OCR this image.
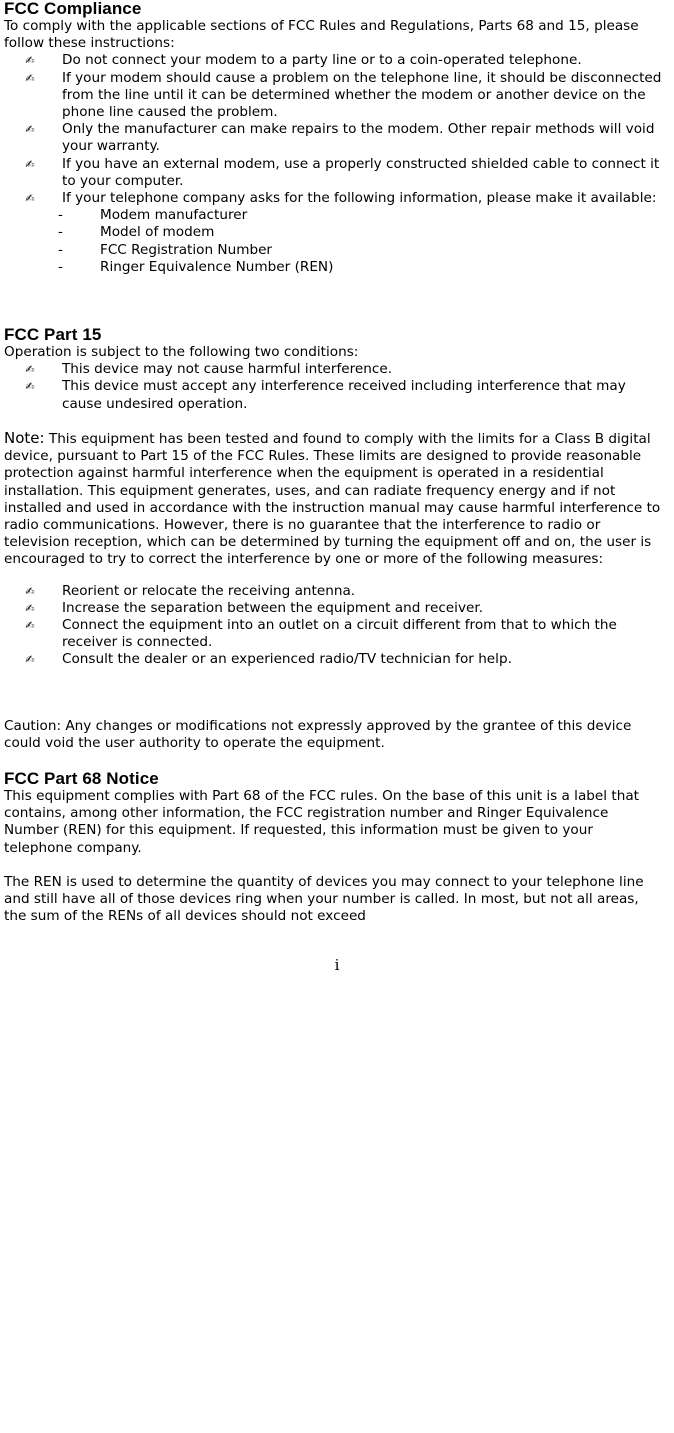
FCC Compliance

To comply with the applicable sections of FCC Rules and Regulations, Parts 68 and 15, please follow these instructions:

✍ Do not connect your modem to a party line or to a coin-operated telephone.
✍ If your modem should cause a problem on the telephone line, it should be disconnected from the line until it can be determined whether the modem or another device on the phone line caused the problem.
✍ Only the manufacturer can make repairs to the modem. Other repair methods will void your warranty.
✍ If you have an external modem, use a properly constructed shielded cable to connect it to your computer.
✍ If your telephone company asks for the following information, please make it available:
-	Modem manufacturer
-	Model of modem
-	FCC Registration Number
-	Ringer Equivalence Number (REN)
FCC Part 15

Operation is subject to the following two conditions:

✍ This device may not cause harmful interference.
✍ This device must accept any interference received including interference that may cause undesired operation.

Note: This equipment has been tested and found to comply with the limits for a Class B digital device, pursuant to Part 15 of the FCC Rules. These limits are designed to provide reasonable protection against harmful interference when the equipment is operated in a residential installation. This equipment generates, uses, and can radiate frequency energy and if not installed and used in accordance with the instruction manual may cause harmful interference to radio communications. However, there is no guarantee that the interference to radio or television reception, which can be determined by turning the equipment off and on, the user is encouraged to try to correct the interference by one or more of the following measures:

✍ Reorient or relocate the receiving antenna.
✍ Increase the separation between the equipment and receiver.
✍ Connect the equipment into an outlet on a circuit different from that to which the receiver is connected.
✍ Consult the dealer or an experienced radio/TV technician for help.

Caution: Any changes or modifications not expressly approved by the grantee of this device could void the user authority to operate the equipment.

FCC Part 68 Notice

This equipment complies with Part 68 of the FCC rules. On the base of this unit is a label that contains, among other information, the FCC registration number and Ringer Equivalence Number (REN) for this equipment. If requested, this information must be given to your telephone company.

The REN is used to determine the quantity of devices you may connect to your telephone line and still have all of those devices ring when your number is called. In most, but not all areas, the sum of the RENs of all devices should not exceed

i
